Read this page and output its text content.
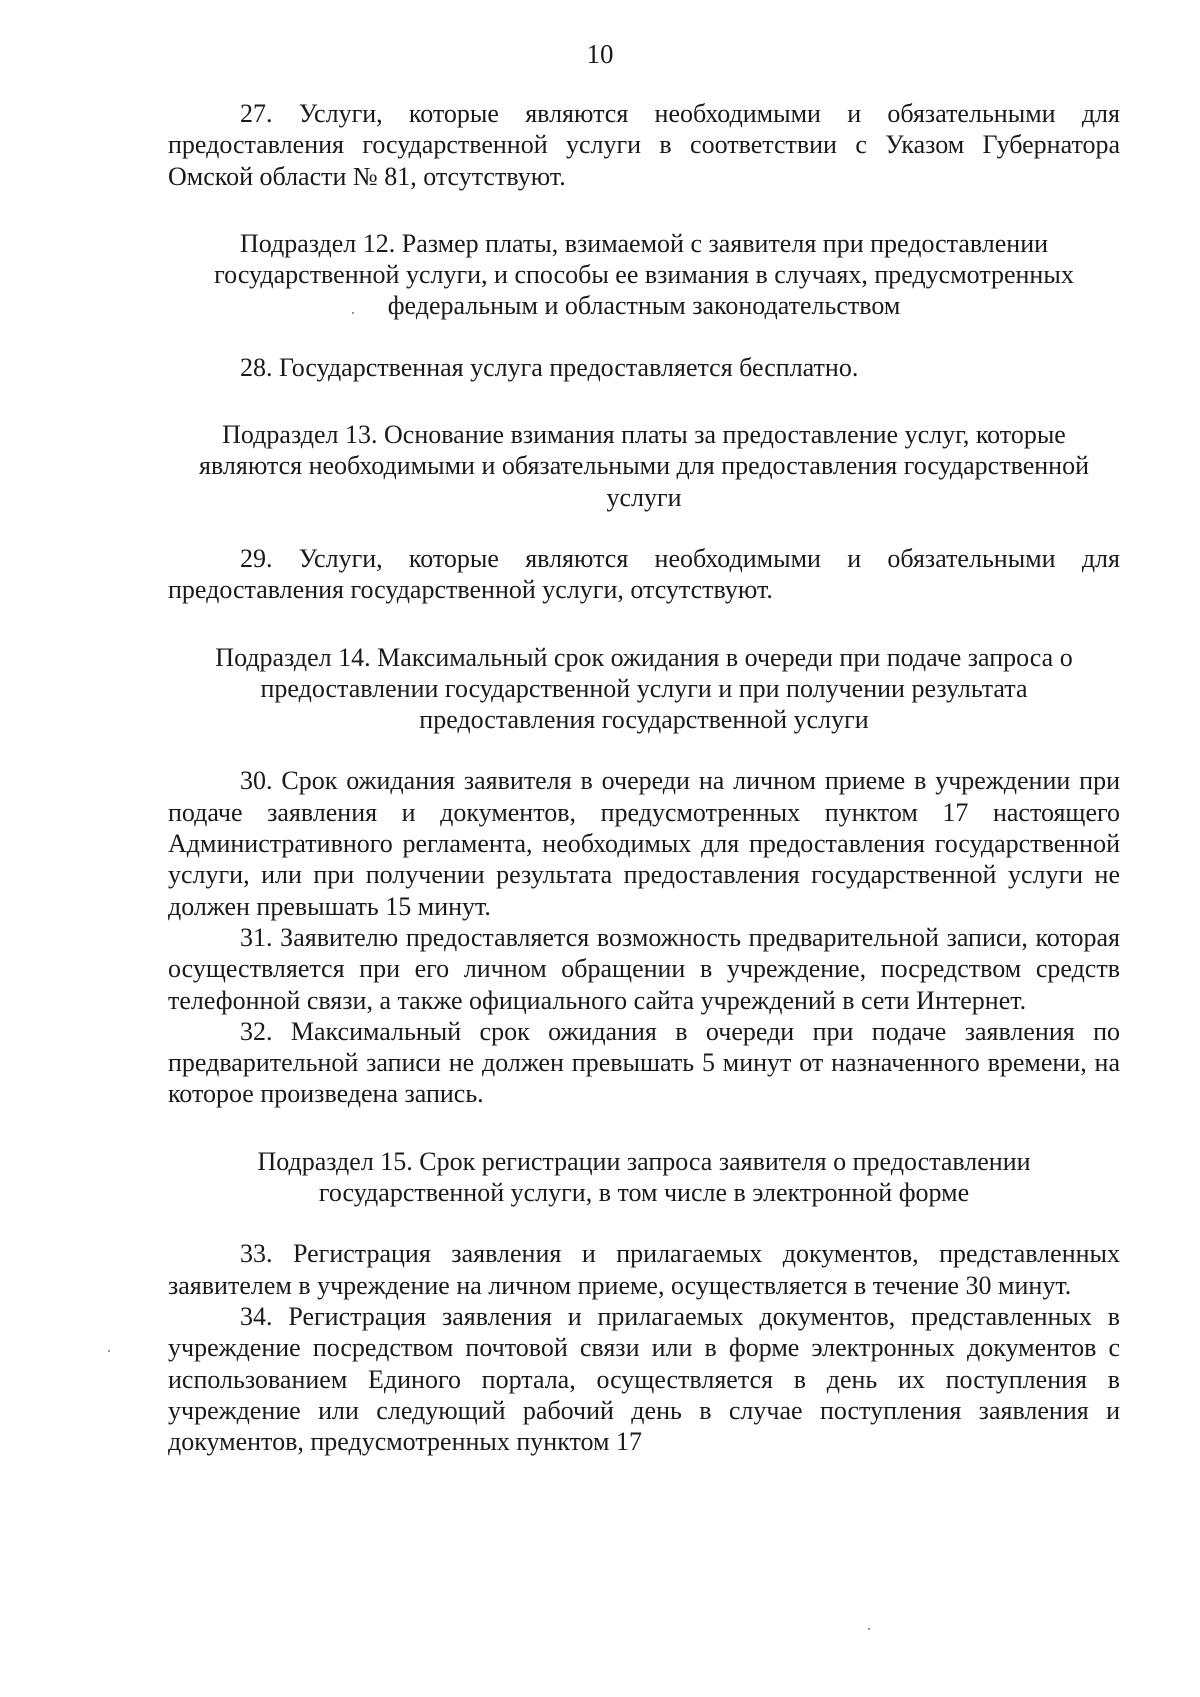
10

27. Услуги, которые являются необходимыми и обязательными для предоставления государственной услуги в соответствии с Указом Губернатора Омской области № 81, отсутствуют.

Подраздел 12. Размер платы, взимаемой с заявителя при предоставлении государственной услуги, и способы ее взимания в случаях, предусмотренных федеральным и областным законодательством

28. Государственная услуга предоставляется бесплатно.

Подраздел 13. Основание взимания платы за предоставление услуг, которые являются необходимыми и обязательными для предоставления государственной услуги

29. Услуги, которые являются необходимыми и обязательными для предоставления государственной услуги, отсутствуют.

Подраздел 14. Максимальный срок ожидания в очереди при подаче запроса о предоставлении государственной услуги и при получении результата предоставления государственной услуги

30. Срок ожидания заявителя в очереди на личном приеме в учреждении при подаче заявления и документов, предусмотренных пунктом 17 настоящего Административного регламента, необходимых для предоставления государственной услуги, или при получении результата предоставления государственной услуги не должен превышать 15 минут.

31. Заявителю предоставляется возможность предварительной записи, которая осуществляется при его личном обращении в учреждение, посредством средств телефонной связи, а также официального сайта учреждений в сети Интернет.

32. Максимальный срок ожидания в очереди при подаче заявления по предварительной записи не должен превышать 5 минут от назначенного времени, на которое произведена запись.

Подраздел 15. Срок регистрации запроса заявителя о предоставлении государственной услуги, в том числе в электронной форме

33. Регистрация заявления и прилагаемых документов, представленных заявителем в учреждение на личном приеме, осуществляется в течение 30 минут.

34. Регистрация заявления и прилагаемых документов, представленных в учреждение посредством почтовой связи или в форме электронных документов с использованием Единого портала, осуществляется в день их поступления в учреждение или следующий рабочий день в случае поступления заявления и документов, предусмотренных пунктом 17
